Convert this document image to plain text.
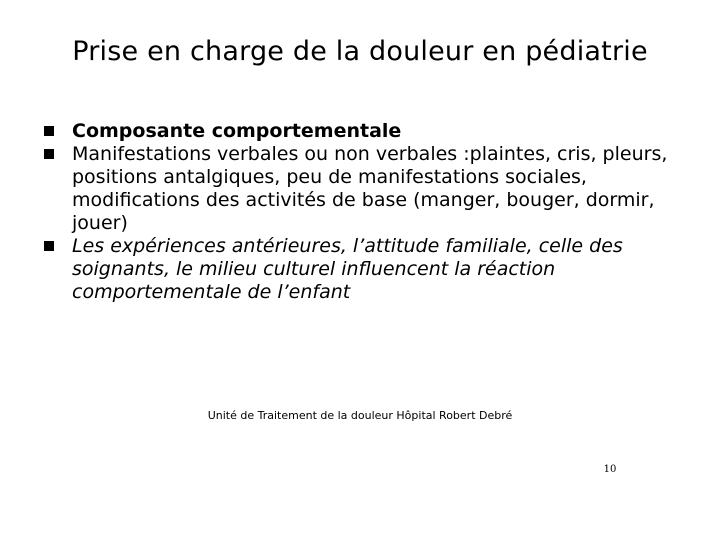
Prise en charge de la douleur en pédiatrie
Composante comportementale
Manifestations verbales ou non verbales :plaintes, cris, pleurs, positions antalgiques, peu de manifestations sociales, modifications des activités de base (manger, bouger, dormir, jouer)
Les expériences antérieures, l’attitude familiale, celle des soignants, le milieu culturel influencent la réaction comportementale de l’enfant
Unité de Traitement de la douleur Hôpital Robert Debré
10
